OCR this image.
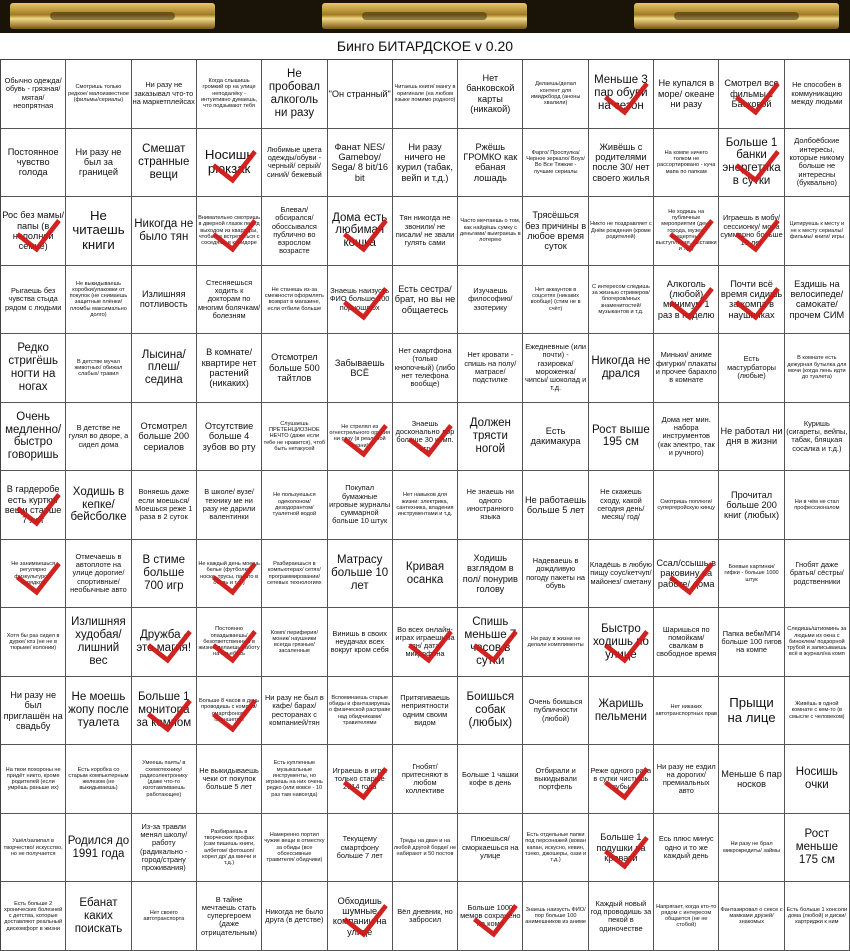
Бинго БИТАРДСКОЕ v 0.20
Обычно одежда/обувь - грязная/ мятая/ неопрятная
Смотришь только редкое/ малоизвестное (фильмы/сериалы)
Ни разу не заказывал что-то на маркетплейсах
Когда слышишь громкий ор на улице неподалёку - интуитивно думаешь, что подзывают тебя
Не пробовал алкоголь ни разу
"Он странный"
Читаешь книги/ мангу в оригинале (на любом языке помимо родного)
Нет банковской карты (никакой)
Делаешь/делал контент для имиджборд (аноны хвалили)
Меньше 3 пар обуви на сезон
Не купался в море/ океане ни разу
Смотрел все фильмы с Басковой
Не способен в коммуникацию между людьми
Постоянное чувство голода
Ни разу не был за границей
Смешат странные вещи
Носишь рюкзак
Любимые цвета одежды/обуви - черный/ серый/ синий/ бежевый
Фанат NES/ Gameboy/ Sega/ 8 bit/16 bit
Ни разу ничего не курил (табак, вейп и т.д.)
Ржёшь ГРОМКО как ебаная лошадь
Фарго/ Проспулка/ Черное зеркало/ Boys/ Во Все Тяжкие - лучшие сериалы
Живёшь с родителями после 30/ нет своего жилья
На компе ничего толком не рассортировано - куча мапа по папкам
Больше 1 банки энергетика в сутки
Долбоёбские интересы, которые никому больше не интересны (буквально)
Рос без мамы/папы (в неполной семье)
Не читаешь книги
Никогда не было тян
Внимательно смотришь в дверной глазок перед выходом из квартиры, чтобы не встретиться с соседями в коридоре
Блевал/ обсирался/ обоссывался публично во взрослом возрасте
Дома есть любимая кошка
Тян никогда не звонили/ не писали/ не звали гулять сами
Часто мечтаешь о том, как найдёшь сумку с деньгами/ выиграешь в лотерею
Трясёшься без причины в любое время суток
Никто не поздравляет с Днём рождения (кроме родителей)
Не ходишь на публичные мероприятия (день города, музеи, концертные выступления, выставки и т.д.)
Играешь в мобу/ сессионку/ моба суммарно больше 15 лет
Цитируешь к месту и не к месту сериалы/ фильмы/ книги/ игры
Рыгаешь без чувства стыда рядом с людьми
Не выкидываешь коробки/упаковки от покупок (не снимаешь защитные плёнки/ пломбы максимально долго)
Излишняя потливость
Стесняешься ходить к докторам по многим болячкам/ болезням
Не станешь из-за смежности оформлять возврат в магазине, если отбили больше
Знаешь наизусть ФИО больше 100 порношлюх
Есть сестра/ брат, но вы не общаетесь
Изучаешь философию/ эзотерику
Нет аккаунтов в соцсетях (никаких вообще) (стим не в счёт)
С интересом следишь за жизнью стримеров/ блогеров/иных знаменитостей/ музыкантов и т.д.
Алкоголь (любой) минимум 1 раз в неделю
Почти всё время сидишь за компа в наушниках
Ездишь на велосипеде/ самокате/ прочем СИМ
Редко стригёшь ногти на ногах
В детстве мучал животных/ обижал слабых/ травил
Лысина/ плеш/ седина
В комнате/ квартире нет растений (никаких)
Отсмотрел больше 500 тайтлов
Забываешь ВСЁ
Нет смартфона (только кнопочный) (либо нет телефона вообще)
Нет кровати - спишь на полу/ матрасе/ подстилке
Ежедневные (или почти) - газировка/ мороженка/ чипсы/ шоколад и т.д.
Никогда не дрался
Миньки/ аниме фигурки/ плакаты и прочее барахло в комнате
Есть мастурбаторы (любые)
В комнате есть дежурная бутылка для мочи (когда лень идти до туалета)
Очень медленно/ быстро говоришь
В детстве не гулял во дворе, а сидел дома
Отсмотрел больше 200 сериалов
Отсутствие больше 4 зубов во рту
Слушаешь ПРЕТЕНЦИОЗНОЕ НЕЧТО (даже если тебе не нравится), чтоб быть нетакусей
Не стрелял из огнестрельного оружия ни разу (в реальной жизни)
Знаешь досконально лор больше 30 комп. игр
Должен трясти ногой
Есть дакимакура
Рост выше 195 см
Дома нет мин. набора инструментов (как электро, так и ручного)
Не работал ни дня в жизни
Куришь (сигареты, вейпы, табак, бляцкая сосалка и т.д.)
В гардеробе есть куртки/вещи старше 7 лет
Ходишь в кепке/ бейсболке
Воняешь даже если моешься/ Моешься реже 1 раза в 2 суток
В школе/ вузе/технику ме ни разу не дарили валентинки
Не пользуешься одеколоном/ дезодорантом/ туалетной водой
Покупал бумажные игровые журналы суммарной больше 10 штук
Нет навыков для жизни: электрика, сантехника, владения инструментами и т.д.
Не знаешь ни одного иностранного языка
Не работаешь больше 5 лет
Не скажешь сходу, какой сегодня день/ месяц/ год/
Смотришь поплюги/ супергеройскую кинцу
Прочитал больше 200 книг (любых)
Ни в чём не стал профессионалом
Не занимаешься регулярно физкультурой/ зарядкой
Отмечаешь в автоплоте на улице дорогие/ спортивные/ необычные авто
В стиме больше 700 игр
Не каждый день моешь белье (футболки, носки, трусы, пальто в обувь и т.д.)
Разбираешься в компьютерах/ сетях/ программировании/ сетевых технологиях
Матрасу больше 10 лет
Кривая осанка
Ходишь взглядом в пол/ понурив голову
Надеваешь в дождливую погоду пакеты на обувь
Кладёшь в любую пищу соус/кетчуп/ майонез/ сметану
Ссал/ссышь в раковину на работе/ дома
Боевые картинки/ гифки - больше 1000 штук
Гнобят даже братья/ сёстры/ родственники
Хотя бы раз сидел в дурке/ кпз (не не в тюрьме/ колонии)
Излишняя худобая/ лишний вес
Дружба - это магия!
Постоянно опаздываешь/ безответственный в жизни/ делаешь работу на отъебись
Комп/ периферия/ моник/ наушники всегда грязные/ засаленные
Винишь в своих неудачах всех вокруг кром себя
Во всех онлайн-играх играешь за тян/ дата/ микрофона
Спишь меньше 7 часов в сутки
Ни разу в жизни не делали комплименты
Быстро ходишь по улице
Шаришься по помойкам/ свалкам в свободное время
Папка вебм/МП4 больше 100 гигов на компе
Следишь/штиоминь за людьми из окна с биноклем/ подзорной трубой и записываешь всё в журнал/на комп
Ни разу не был приглашён на свадьбу
Не моешь жопу после туалета
Больше 1 монитора за компом
Больше 8 часов в день проводишь с компом/ смартфоном/ планшетом
Ни разу не был в кафе/ барах/ ресторанах с компанией/тян
Вспоминаешь старые обиды и фантазируешь о физической расправе над обидчиками/ травителями
Притягиваешь неприятности одним своим видом
Боишься собак (любых)
Очень боишься публичности (любой)
Жаришь пельмени
Нет никаких автотранспортных прав
Прыщи на лице
Живёшь в одной комнате с кем-то (в смысле с человеком)
На твои похороны не придёт никто, кроме родителей (если умрёшь раньше их)
Есть коробка со старым компьютерным железом (не выкидываешь)
Умеешь паять/ в схемотехнику/ радиоэлектронику (даже что-то изготавливаешь работающее)
Не выкидываешь чеки от покупок больше 5 лет
Есть купленные музыкальные инструменты, но играешь на них очень редко (или вовсе - 10 раз там навсегда)
Играешь в игры только старше 2014 года
Гнобят/ притесняют в любом коллективе
Больше 1 чашки кофе в день
Отбирали и выкидывали портфель
Реже одного раза в сутки чистишь зубы
Ни разу не ездил на дорогих/ премиальных авто
Меньше 6 пар носков
Носишь очки
Ушёл/залипал в творчество/ искусство, но не получается
Родился до 1991 года
Из-за травли менял школу/ работу (радикально - город/страну проживания)
Разбираешь в творческих профах (сам пишешь книги, албетом/ фотошоп/ корел др/ да винчи и т.д.)
Намеренно портил чужие вещи в отместку за обиды (все обсессивные травителя/ обидчики)
Текущему смартфону больше 7 лет
Треды на двач и на любой другой борде/ не набирают и 50 постов
Плюешься/ сморкаешься на улице
Есть отдельные папки под персонажей (вован капан, искусно, кевин, тэнко, джошеры, оззи и т.д.)
Больше 1 подушки на кровати
Есь плюс минус одно и то же каждый день
Ни разу не брал микрокредиты/ займы
Рост меньше 175 см
Есть больше 2 хронических болезней с детства, которые доставляют реальный дискомфорт в жизни
Ебанат каких поискать
Нет своего автотранспорта
В тайне мечтаешь стать супергероем (даже отрицательным)
Никогда не было друга (в детстве)
Обходишь шумные компании на улице
Вёл дневник, но забросил
Больше 1000 мемов сохранено на комп
Знаешь наизусть ФИО/пор больше 100 анимешников из аниме
Каждый новый год проводишь за пекой в одиночестве
Напрягает, когда кто-то рядом с интересом общается (не не стобой)
Фантазировал о сексе с мамками друзей/знакомых
Есть больше 1 консоли дома (любой) и диски/ картриджи к ним
